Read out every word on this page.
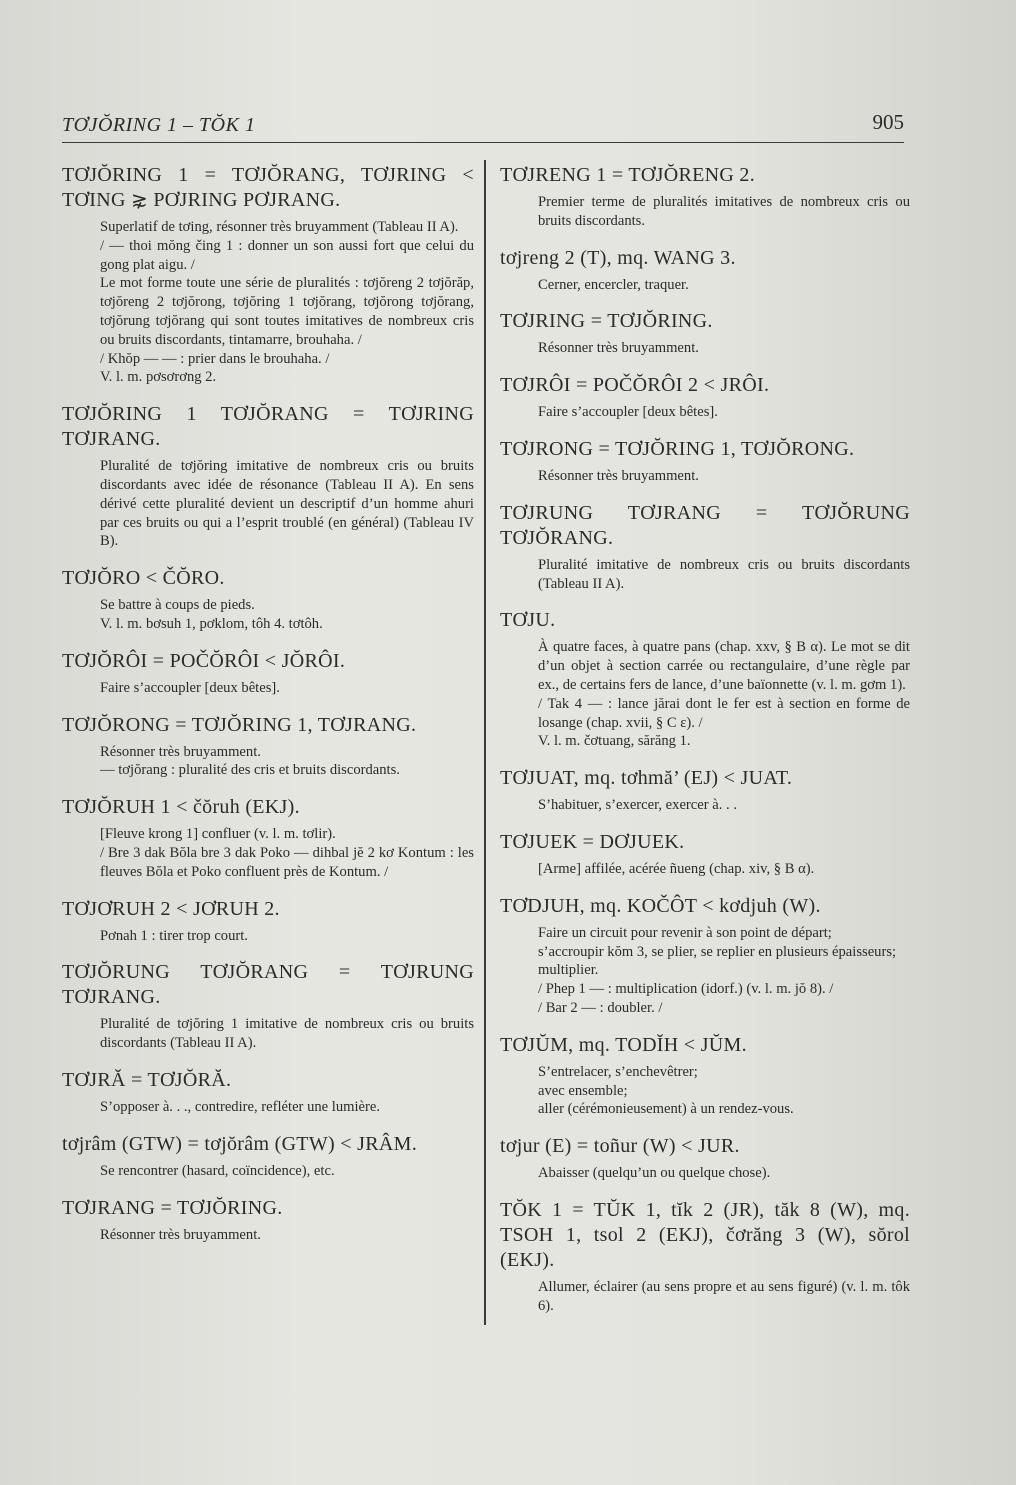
TƠJŎRING 1 – TŎK 1	905
TƠJŎRING 1 = TƠJŎRANG, TƠJRING < TƠING ⋧ PƠJRING PƠJRANG.

Superlatif de tơing, résonner très bruyamment (Tableau II A).

/ — thoi mŏng čing 1 : donner un son aussi fort que celui du gong plat aigu. /

Le mot forme toute une série de pluralités : tơjŏreng 2 tơjŏrăp, tơjŏreng 2 tơjŏrong, tơjŏring 1 tơjŏrang, tơjŏrong tơjŏrang, tơjŏrung tơjŏrang qui sont toutes imitatives de nombreux cris ou bruits discordants, tintamarre, brouhaha. /

/ Khŏp — — : prier dans le brouhaha. /

V. l. m. pơsơrơng 2.

TƠJŎRING 1 TƠJŎRANG = TƠJRING TƠJRANG.

Pluralité de tơjŏring imitative de nombreux cris ou bruits discordants avec idée de résonance (Tableau II A). En sens dérivé cette pluralité devient un descriptif d’un homme ahuri par ces bruits ou qui a l’esprit troublé (en général) (Tableau IV B).

TƠJŎRO < ČŎRO.

Se battre à coups de pieds.

V. l. m. bơsuh 1, pơklom, tôh 4. tơtôh.

TƠJŎRÔI = POČŎRÔI < JŎRÔI.

Faire s’accoupler [deux bêtes].

TƠJŎRONG = TƠJŎRING 1, TƠJRANG.

Résonner très bruyamment.

— tơjŏrang : pluralité des cris et bruits discordants.

TƠJŎRUH 1 < čŏruh (EKJ).

[Fleuve krong 1] confluer (v. l. m. tơlir).

/ Bre 3 dak Bŏla bre 3 dak Poko — dihbal jĕ 2 kơ Kontum : les fleuves Bŏla et Poko confluent près de Kontum. /

TƠJƠRUH 2 < JƠRUH 2.

Pơnah 1 : tirer trop court.

TƠJŎRUNG TƠJŎRANG = TƠJRUNG TƠJRANG.

Pluralité de tơjŏring 1 imitative de nombreux cris ou bruits discordants (Tableau II A).

TƠJRĂ = TƠJŎRĂ.

S’opposer à. . ., contredire, refléter une lumière.

tơjrâm (GTW) = tơjŏrâm (GTW) < JRÂM.

Se rencontrer (hasard, coïncidence), etc.

TƠJRANG = TƠJŎRING.

Résonner très bruyamment.

TƠJRENG 1 = TƠJŎRENG 2.

Premier terme de pluralités imitatives de nombreux cris ou bruits discordants.

tơjreng 2 (T), mq. WANG 3.

Cerner, encercler, traquer.

TƠJRING = TƠJŎRING.

Résonner très bruyamment.

TƠJRÔI = POČŎRÔI 2 < JRÔI.

Faire s’accoupler [deux bêtes].

TƠJRONG = TƠJŎRING 1, TƠJŎRONG.

Résonner très bruyamment.

TƠJRUNG TƠJRANG = TƠJŎRUNG TƠJŎRANG.

Pluralité imitative de nombreux cris ou bruits discordants (Tableau II A).

TƠJU.

À quatre faces, à quatre pans (chap. xxv, § B α). Le mot se dit d’un objet à section carrée ou rectangulaire, d’une règle par ex., de certains fers de lance, d’une baïonnette (v. l. m. gơm 1).

/ Tak 4 — : lance jărai dont le fer est à section en forme de losange (chap. xvii, § C ε). /

V. l. m. čơtuang, sărăng 1.

TƠJUAT, mq. tơhmă’ (EJ) < JUAT.

S’habituer, s’exercer, exercer à. . .

TƠJUEK = DƠJUEK.

[Arme] affilée, acérée ñueng (chap. xiv, § B α).

TƠDJUH, mq. KOČÔT < kơdjuh (W).

Faire un circuit pour revenir à son point de départ;

s’accroupir kŏm 3, se plier, se replier en plusieurs épaisseurs;

multiplier.

/ Phep 1 — : multiplication (idorf.) (v. l. m. jŏ 8). /

/ Bar 2 — : doubler. /

TƠJŬM, mq. TODĬH < JŬM.

S’entrelacer, s’enchevêtrer;

avec ensemble;

aller (cérémonieusement) à un rendez-vous.

tơjur (E) = toñur (W) < JUR.

Abaisser (quelqu’un ou quelque chose).

TŎK 1 = TŬK 1, tĭk 2 (JR), tăk 8 (W), mq. TSOH 1, tsol 2 (EKJ), čơrăng 3 (W), sŏrol (EKJ).

Allumer, éclairer (au sens propre et au sens figuré) (v. l. m. tôk 6).
